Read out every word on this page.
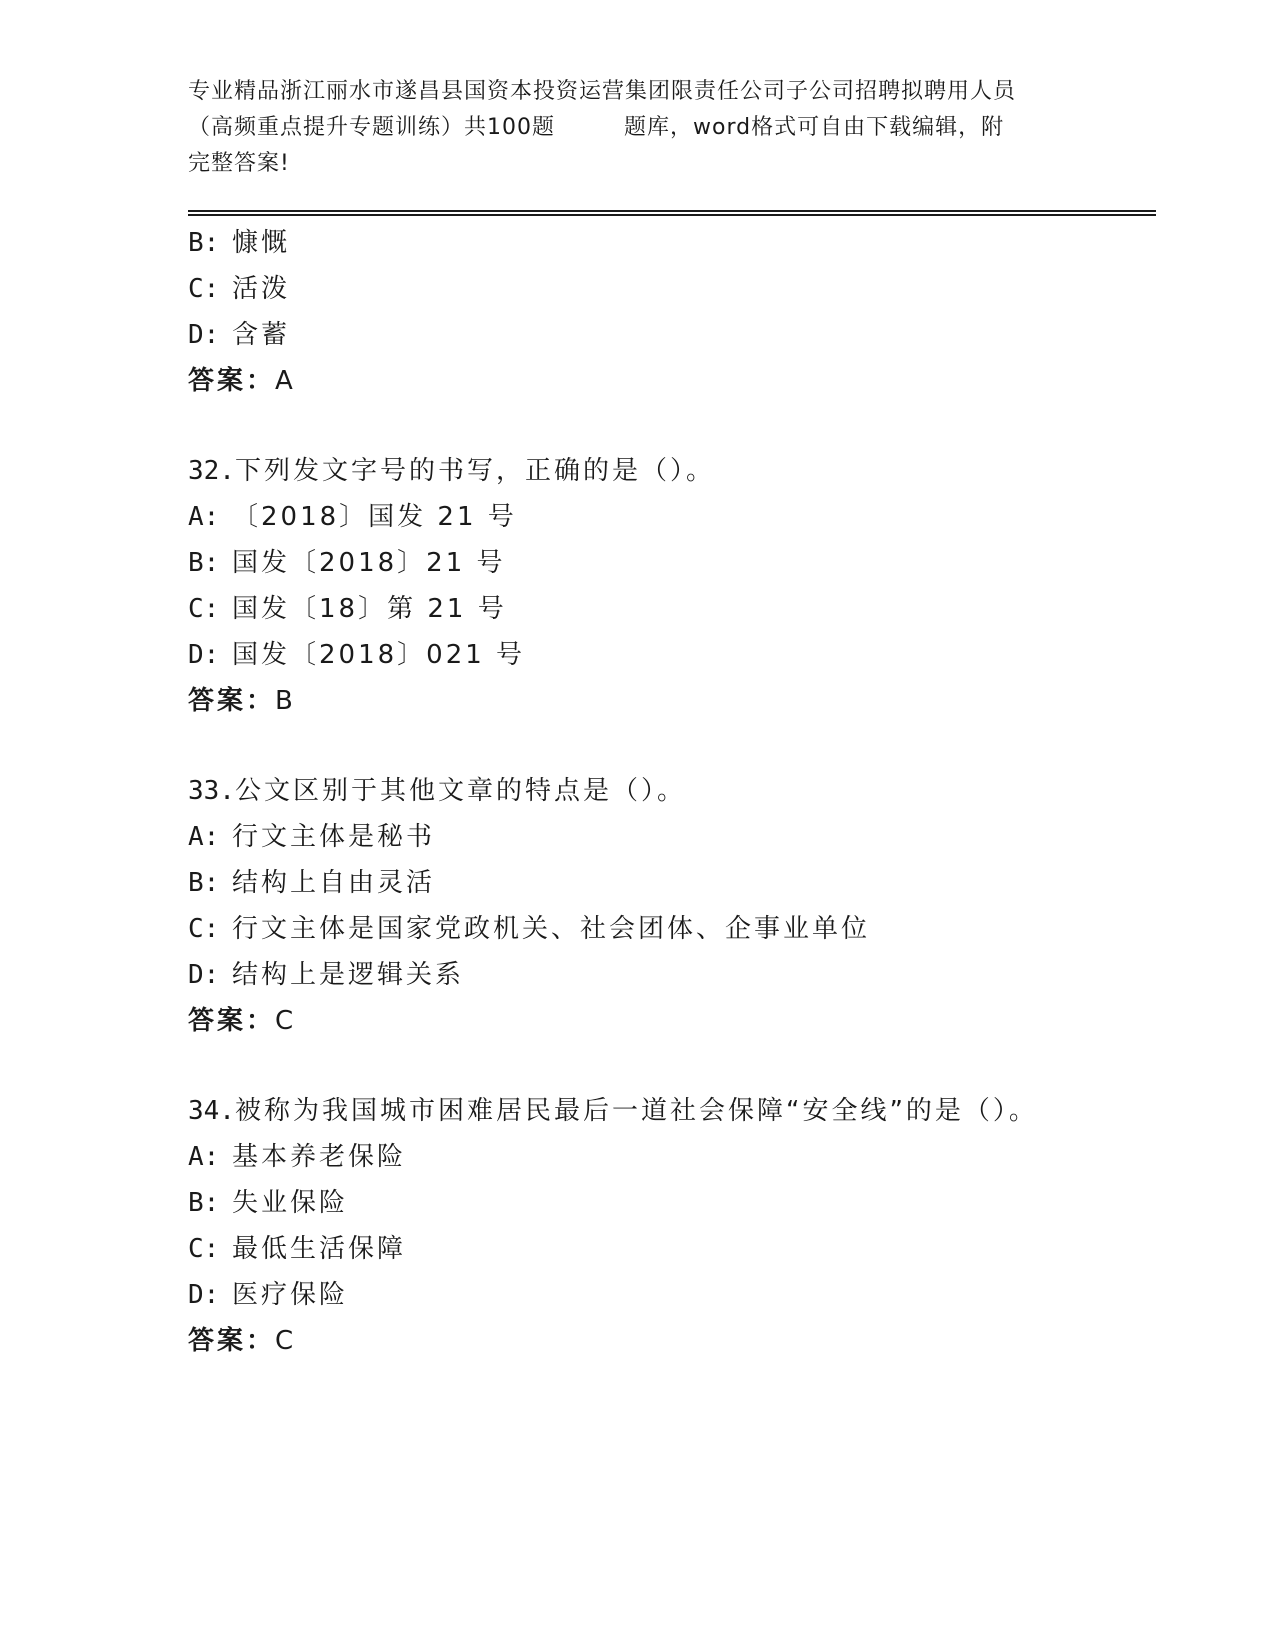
专业精品浙江丽水市遂昌县国资本投资运营集团限责任公司子公司招聘拟聘用人员
（高频重点提升专题训练）共100题　　　题库，word格式可自由下载编辑，附
完整答案!
B: 慷慨
C: 活泼
D: 含蓄
答案：A
32.下列发文字号的书写，正确的是（）。
A: 〔2018〕国发 21 号
B: 国发〔2018〕21 号
C: 国发〔18〕第 21 号
D: 国发〔2018〕021 号
答案：B
33.公文区别于其他文章的特点是（）。
A: 行文主体是秘书
B: 结构上自由灵活
C: 行文主体是国家党政机关、社会团体、企事业单位
D: 结构上是逻辑关系
答案：C
34.被称为我国城市困难居民最后一道社会保障“安全线”的是（）。
A: 基本养老保险
B: 失业保险
C: 最低生活保障
D: 医疗保险
答案：C
